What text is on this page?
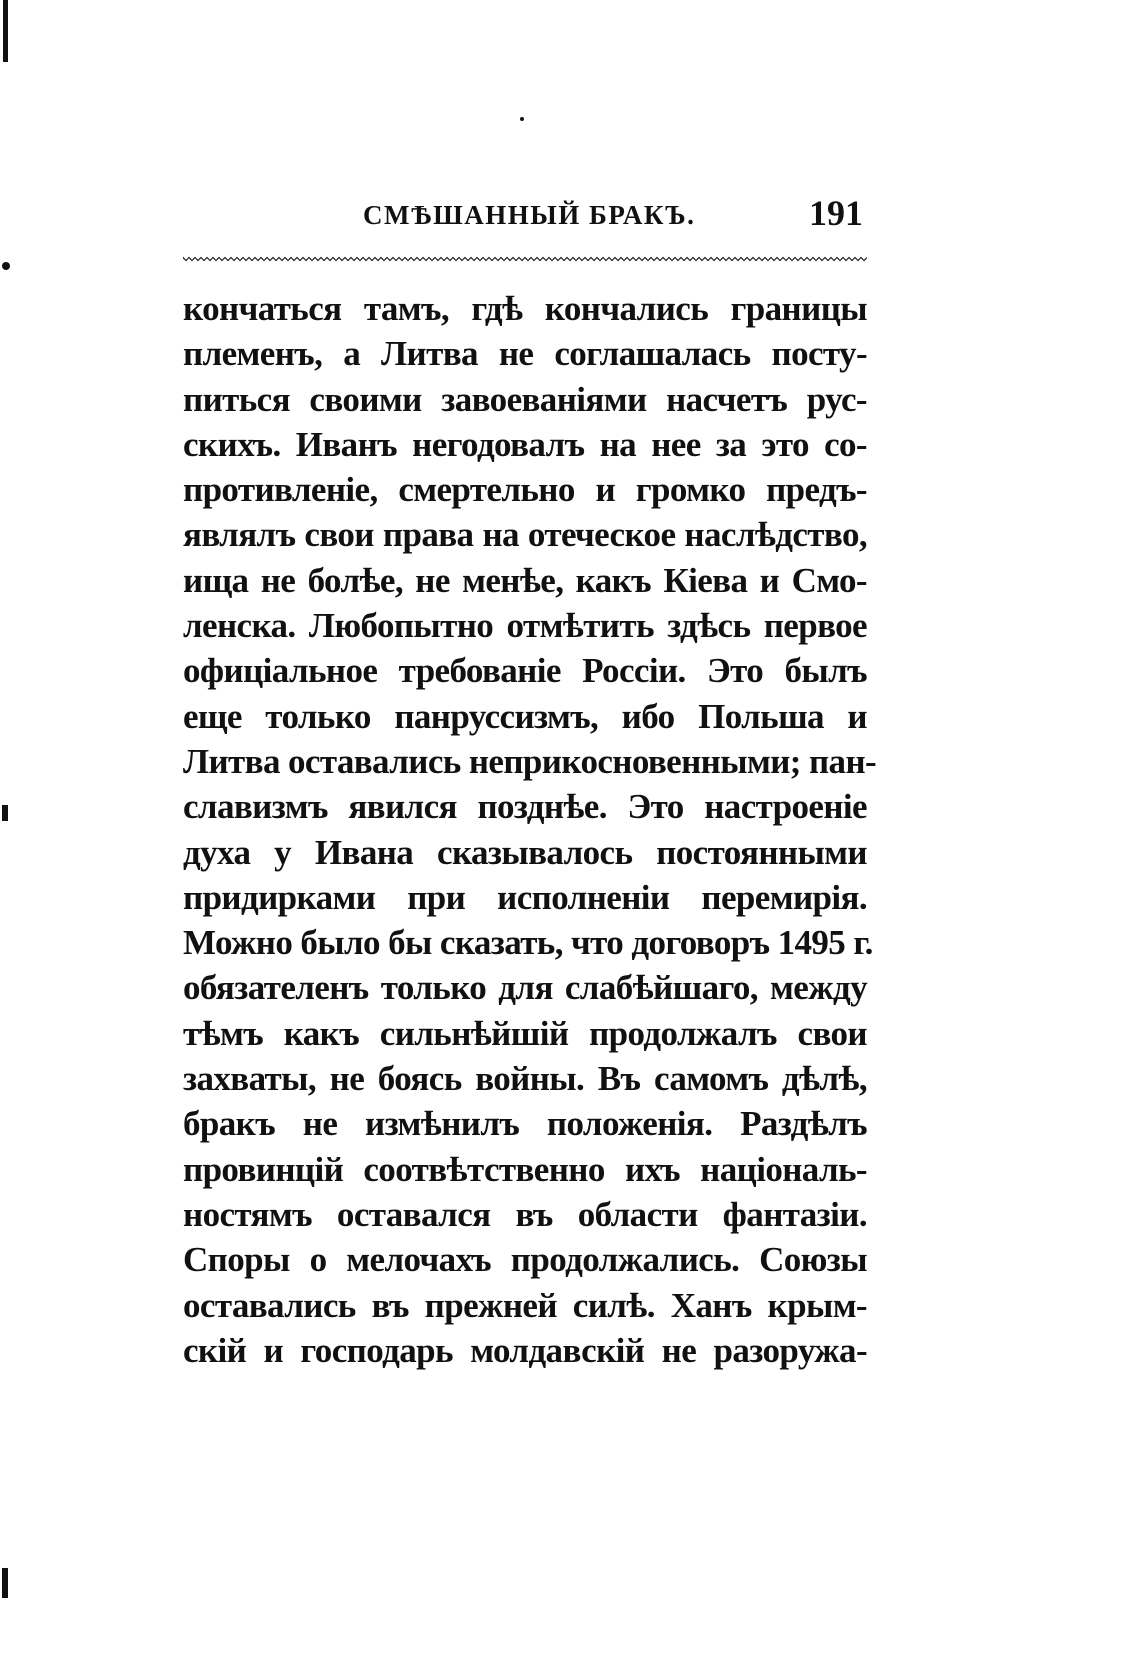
СМѢШАННЫЙ БРАКЪ.	191
кончаться тамъ, гдѣ кончались границы
племенъ, а Литва не соглашалась посту-
питься своими завоеваніями насчетъ рус-
скихъ. Иванъ негодовалъ на нее за это со-
противленіе, смертельно и громко предъ-
являлъ свои права на отеческое наслѣдство,
ища не болѣе, не менѣе, какъ Кіева и Смо-
ленска. Любопытно отмѣтить здѣсь первое
офиціальное требованіе Россіи. Это былъ
еще только панруссизмъ, ибо Польша и
Литва оставались неприкосновенными; пан-
славизмъ явился позднѣе. Это настроеніе
духа у Ивана сказывалось постоянными
придирками при исполненіи перемирія.
Можно было бы сказать, что договоръ 1495 г.
обязателенъ только для слабѣйшаго, между
тѣмъ какъ сильнѣйшій продолжалъ свои
захваты, не боясь войны. Въ самомъ дѣлѣ,
бракъ не измѣнилъ положенія. Раздѣлъ
провинцій соотвѣтственно ихъ національ-
ностямъ оставался въ области фантазіи.
Споры о мелочахъ продолжались. Союзы
оставались въ прежней силѣ. Ханъ крым-
скій и господарь молдавскій не разоружа-
